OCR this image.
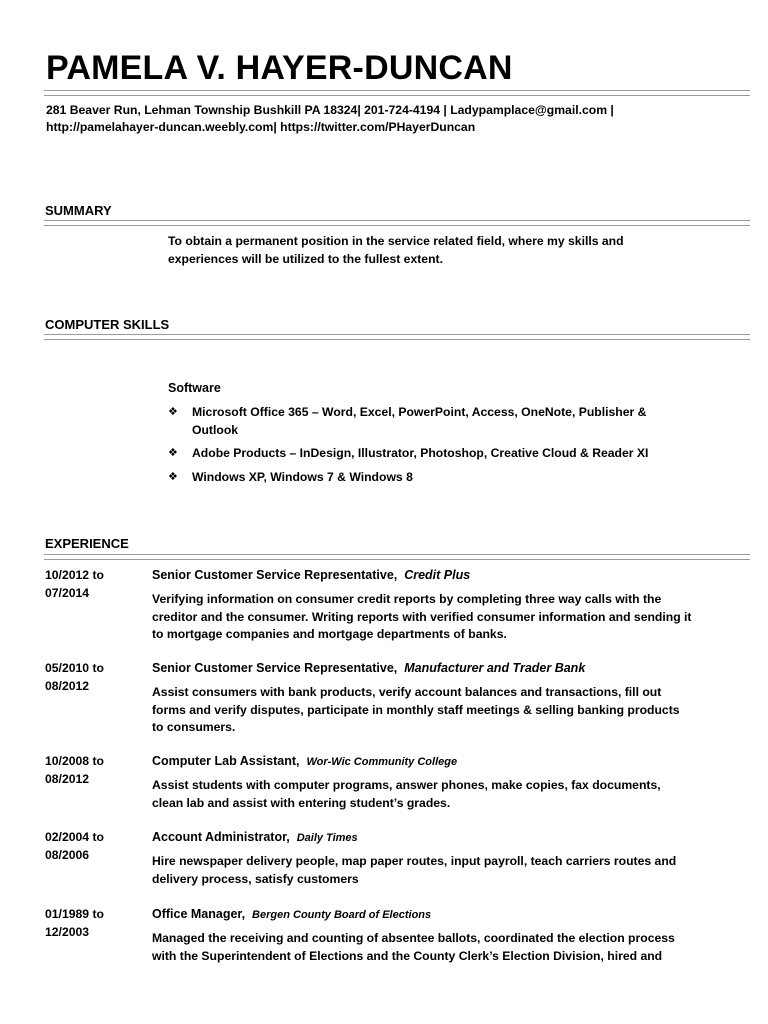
PAMELA V. HAYER-DUNCAN
281 Beaver Run, Lehman Township Bushkill PA 18324| 201-724-4194 | Ladypamplace@gmail.com |
http://pamelahayer-duncan.weebly.com| https://twitter.com/PHayerDuncan
SUMMARY
To obtain a permanent position in the service related field, where my skills and experiences will be utilized to the fullest extent.
COMPUTER SKILLS
Software
❖ Microsoft Office 365 – Word, Excel, PowerPoint, Access, OneNote, Publisher & Outlook
❖ Adobe Products – InDesign, Illustrator, Photoshop, Creative Cloud & Reader XI
❖ Windows XP, Windows 7 & Windows 8
EXPERIENCE
10/2012 to
07/2014
Senior Customer Service Representative, Credit Plus
Verifying information on consumer credit reports by completing three way calls with the creditor and the consumer. Writing reports with verified consumer information and sending it to mortgage companies and mortgage departments of banks.
05/2010 to
08/2012
Senior Customer Service Representative, Manufacturer and Trader Bank
Assist consumers with bank products, verify account balances and transactions, fill out forms and verify disputes, participate in monthly staff meetings & selling banking products to consumers.
10/2008 to
08/2012
Computer Lab Assistant, Wor-Wic Community College
Assist students with computer programs, answer phones, make copies, fax documents, clean lab and assist with entering student’s grades.
02/2004 to
08/2006
Account Administrator, Daily Times
Hire newspaper delivery people, map paper routes, input payroll, teach carriers routes and delivery process, satisfy customers
01/1989 to
12/2003
Office Manager, Bergen County Board of Elections
Managed the receiving and counting of absentee ballots, coordinated the election process with the Superintendent of Elections and the County Clerk’s Election Division, hired and
